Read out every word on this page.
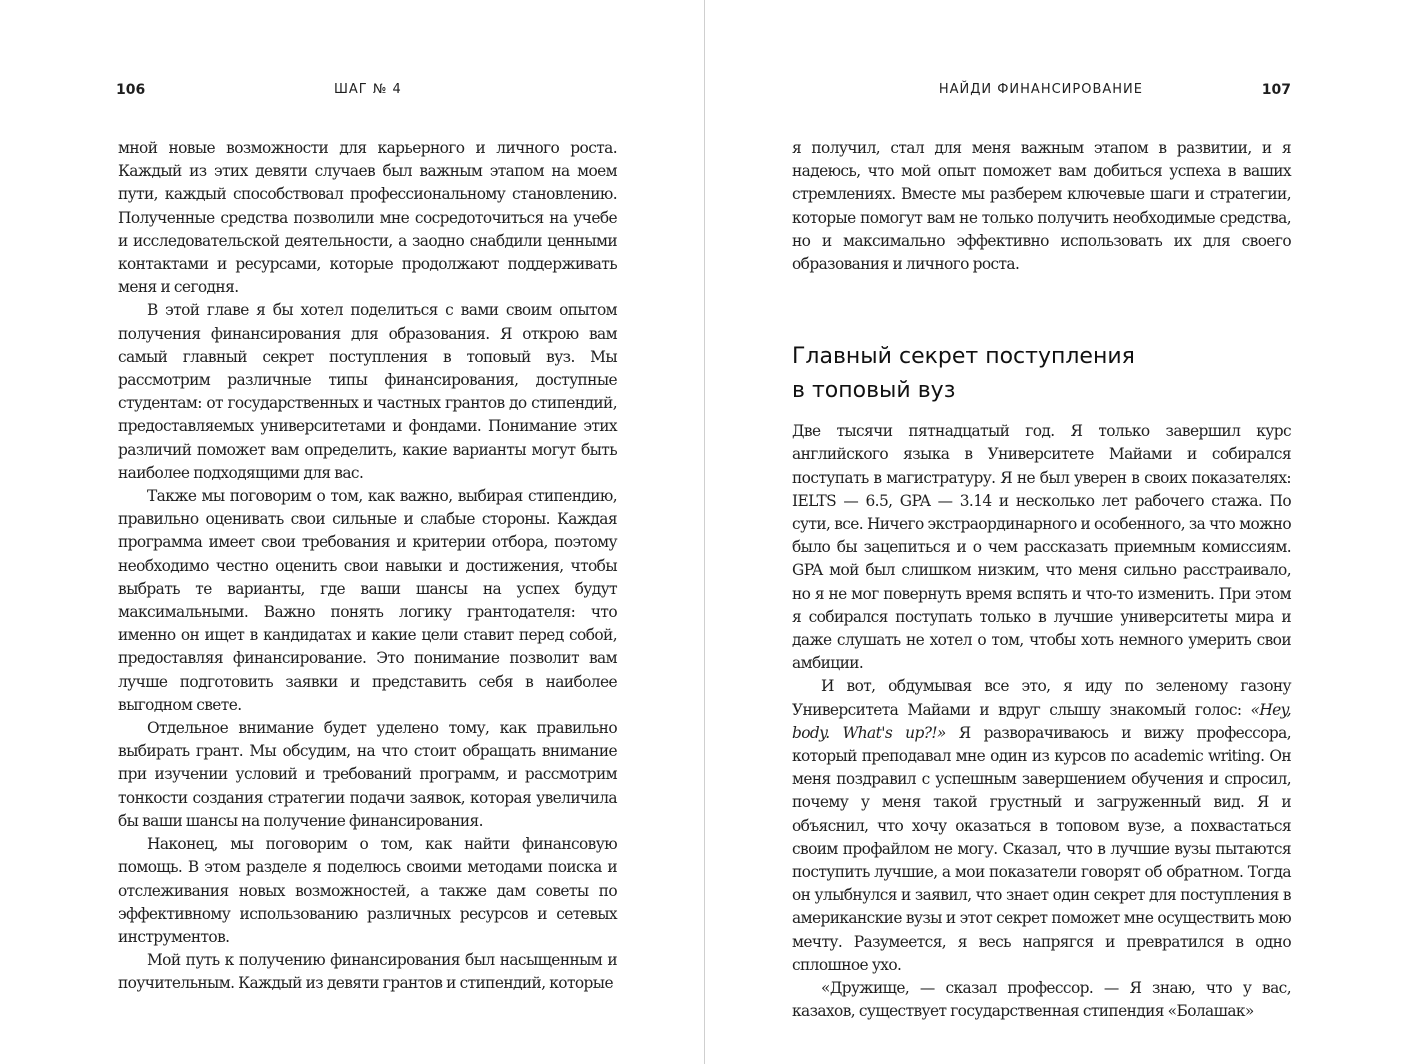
106	ШАГ № 4

мной новые возможности для карьерного и личного роста. Каждый из этих девяти случаев был важным этапом на моем пути, каждый способствовал профессиональному становлению. Полученные средства позволили мне сосредоточиться на учебе и исследовательской деятельности, а заодно снабдили ценными контактами и ресурсами, которые продолжают поддерживать меня и сегодня.

В этой главе я бы хотел поделиться с вами своим опытом получения финансирования для образования. Я открою вам самый главный секрет поступления в топовый вуз. Мы рассмотрим различные типы финансирования, доступные студентам: от государственных и частных грантов до стипендий, предоставляемых университетами и фондами. Понимание этих различий поможет вам определить, какие варианты могут быть наиболее подходящими для вас.

Также мы поговорим о том, как важно, выбирая стипендию, правильно оценивать свои сильные и слабые стороны. Каждая программа имеет свои требования и критерии отбора, поэтому необходимо честно оценить свои навыки и достижения, чтобы выбрать те варианты, где ваши шансы на успех будут максимальными. Важно понять логику грантодателя: что именно он ищет в кандидатах и какие цели ставит перед собой, предоставляя финансирование. Это понимание позволит вам лучше подготовить заявки и представить себя в наиболее выгодном свете.

Отдельное внимание будет уделено тому, как правильно выбирать грант. Мы обсудим, на что стоит обращать внимание при изучении условий и требований программ, и рассмотрим тонкости создания стратегии подачи заявок, которая увеличила бы ваши шансы на получение финансирования.

Наконец, мы поговорим о том, как найти финансовую помощь. В этом разделе я поделюсь своими методами поиска и отслеживания новых возможностей, а также дам советы по эффективному использованию различных ресурсов и сетевых инструментов.

Мой путь к получению финансирования был насыщенным и поучительным. Каждый из девяти грантов и стипендий, которые

НАЙДИ ФИНАНСИРОВАНИЕ	107

я получил, стал для меня важным этапом в развитии, и я надеюсь, что мой опыт поможет вам добиться успеха в ваших стремлениях. Вместе мы разберем ключевые шаги и стратегии, которые помогут вам не только получить необходимые средства, но и максимально эффективно использовать их для своего образования и личного роста.

Главный секрет поступления
в топовый вуз

Две тысячи пятнадцатый год. Я только завершил курс английского языка в Университете Майами и собирался поступать в магистратуру. Я не был уверен в своих показателях: IELTS — 6.5, GPA — 3.14 и несколько лет рабочего стажа. По сути, все. Ничего экстраординарного и особенного, за что можно было бы зацепиться и о чем рассказать приемным комиссиям. GPA мой был слишком низким, что меня сильно расстраивало, но я не мог повернуть время вспять и что-то изменить. При этом я собирался поступать только в лучшие университеты мира и даже слушать не хотел о том, чтобы хоть немного умерить свои амбиции.

И вот, обдумывая все это, я иду по зеленому газону Университета Майами и вдруг слышу знакомый голос: «Hey, body. What's up?!» Я разворачиваюсь и вижу профессора, который преподавал мне один из курсов по academic writing. Он меня поздравил с успешным завершением обучения и спросил, почему у меня такой грустный и загруженный вид. Я и объяснил, что хочу оказаться в топовом вузе, а похвастаться своим профайлом не могу. Сказал, что в лучшие вузы пытаются поступить лучшие, а мои показатели говорят об обратном. Тогда он улыбнулся и заявил, что знает один секрет для поступления в американские вузы и этот секрет поможет мне осуществить мою мечту. Разумеется, я весь напрягся и превратился в одно сплошное ухо.

«Дружище, — сказал профессор. — Я знаю, что у вас, казахов, существует государственная стипендия «Болашак»
